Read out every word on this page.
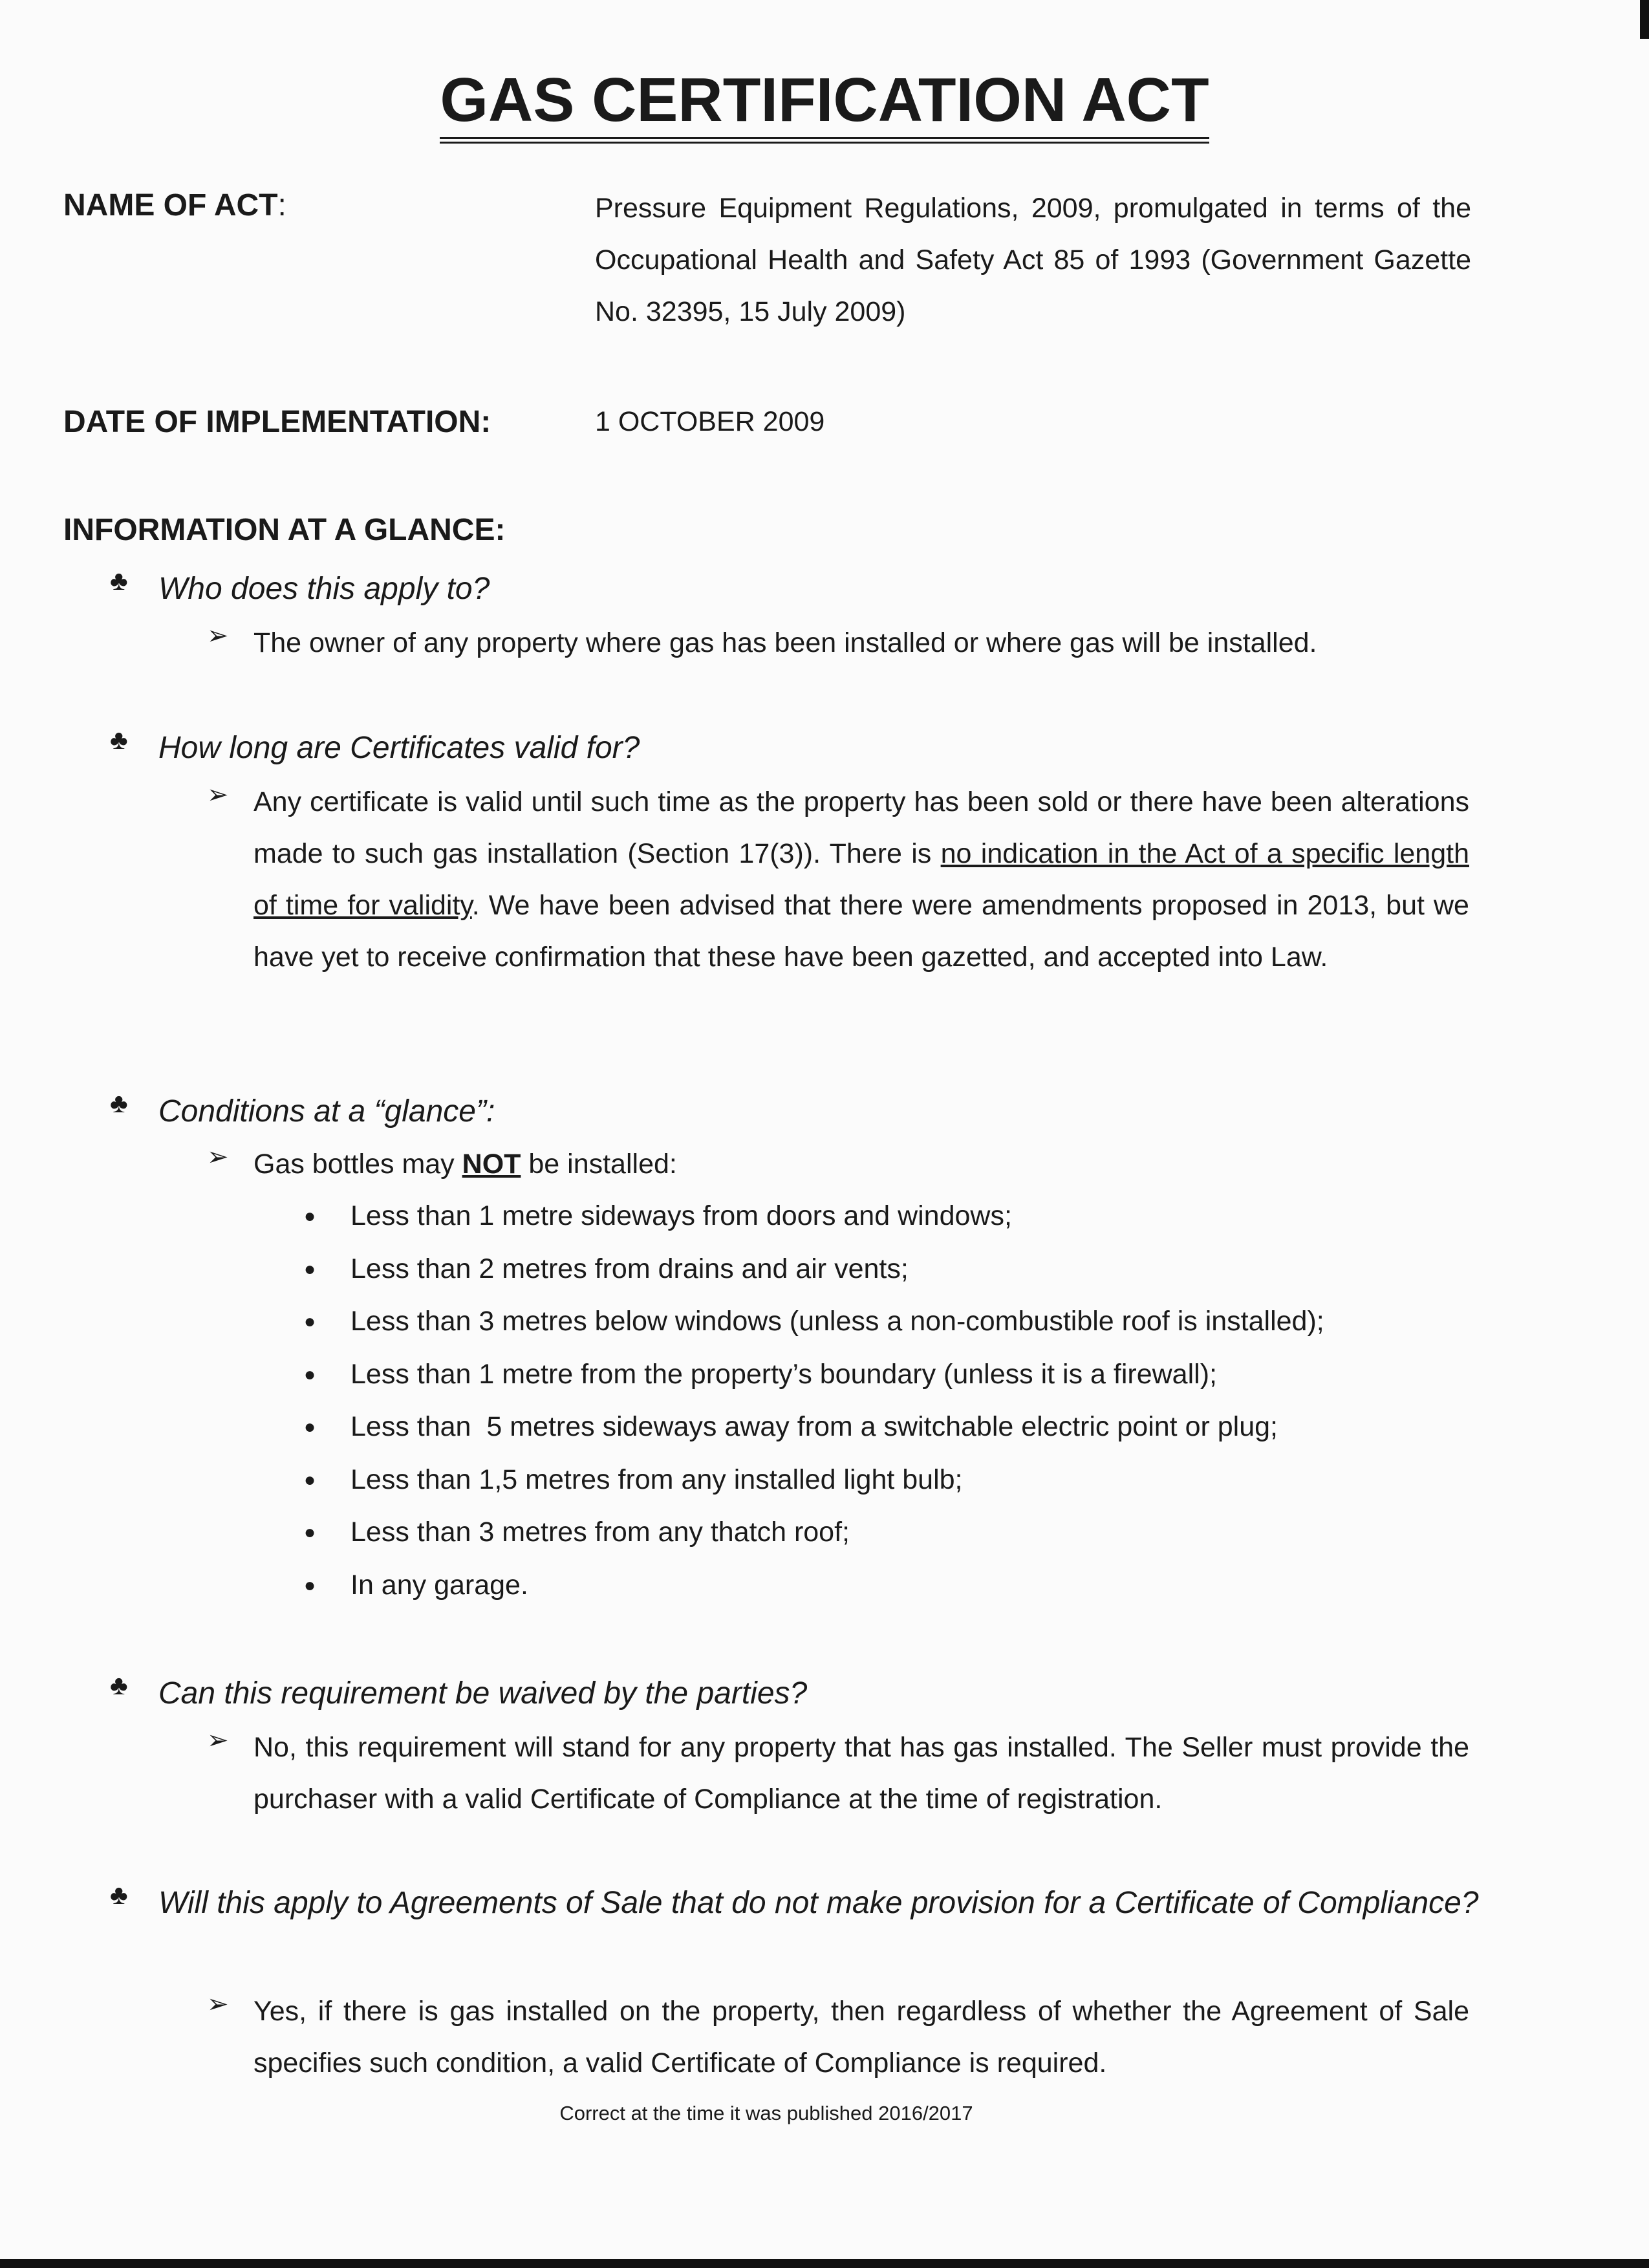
GAS CERTIFICATION ACT
NAME OF ACT:	Pressure Equipment Regulations, 2009, promulgated in terms of the Occupational Health and Safety Act 85 of 1993 (Government Gazette No. 32395, 15 July 2009)
DATE OF IMPLEMENTATION:	1 OCTOBER 2009
INFORMATION AT A GLANCE:
♣ Who does this apply to?
➢ The owner of any property where gas has been installed or where gas will be installed.
♣ How long are Certificates valid for?
➢ Any certificate is valid until such time as the property has been sold or there have been alterations made to such gas installation (Section 17(3)). There is no indication in the Act of a specific length of time for validity. We have been advised that there were amendments proposed in 2013, but we have yet to receive confirmation that these have been gazetted, and accepted into Law.
♣ Conditions at a “glance”:
➢ Gas bottles may NOT be installed:
●	Less than 1 metre sideways from doors and windows;
●	Less than 2 metres from drains and air vents;
●	Less than 3 metres below windows (unless a non-combustible roof is installed);
●	Less than 1 metre from the property’s boundary (unless it is a firewall);
●	Less than  5 metres sideways away from a switchable electric point or plug;
●	Less than 1,5 metres from any installed light bulb;
●	Less than 3 metres from any thatch roof;
●	In any garage.
♣ Can this requirement be waived by the parties?
➢ No, this requirement will stand for any property that has gas installed. The Seller must provide the purchaser with a valid Certificate of Compliance at the time of registration.
♣ Will this apply to Agreements of Sale that do not make provision for a Certificate of Compliance?
➢ Yes, if there is gas installed on the property, then regardless of whether the Agreement of Sale specifies such condition, a valid Certificate of Compliance is required.
Correct at the time it was published 2016/2017
